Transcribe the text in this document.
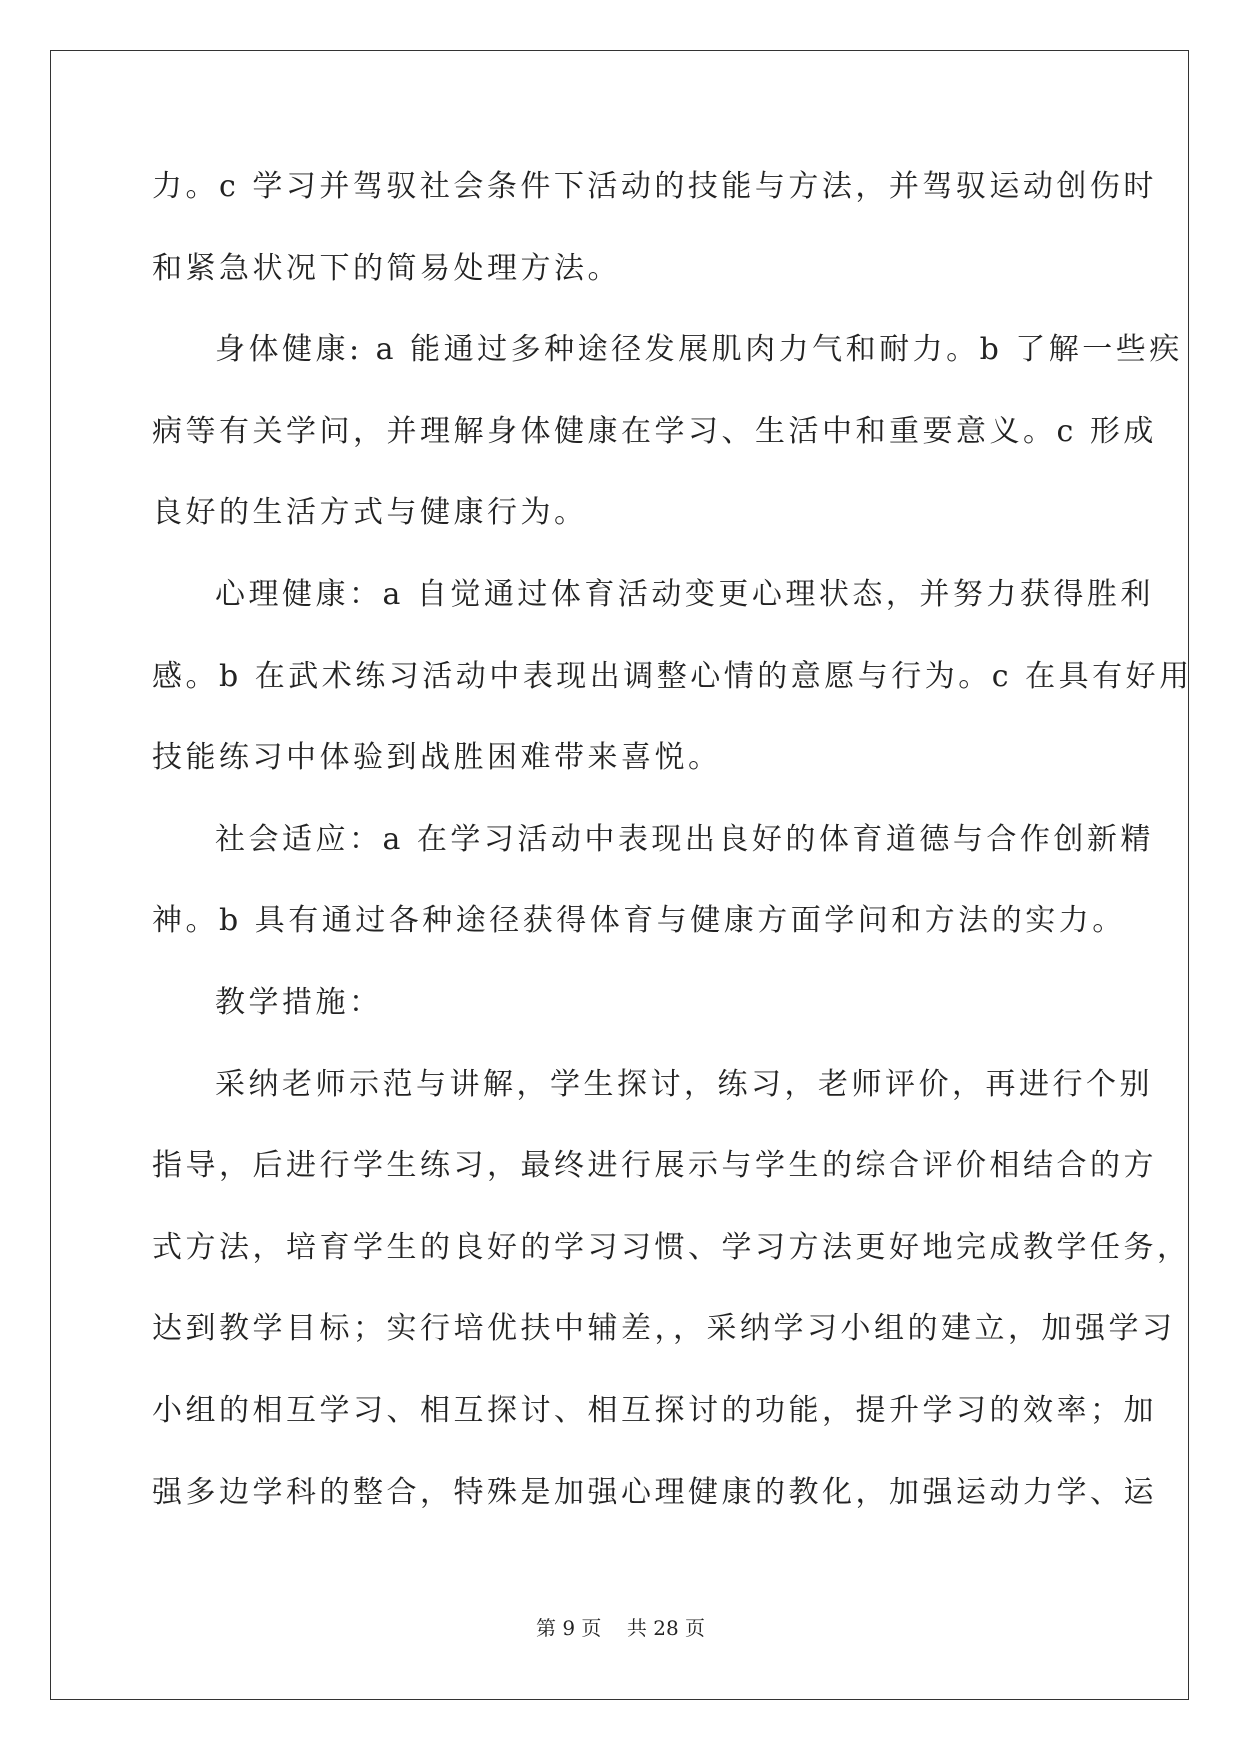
力。c 学习并驾驭社会条件下活动的技能与方法，并驾驭运动创伤时
和紧急状况下的简易处理方法。
身体健康: a 能通过多种途径发展肌肉力气和耐力。b 了解一些疾
病等有关学问，并理解身体健康在学习、生活中和重要意义。c 形成
良好的生活方式与健康行为。
心理健康：a 自觉通过体育活动变更心理状态，并努力获得胜利
感。b 在武术练习活动中表现出调整心情的意愿与行为。c 在具有好用
技能练习中体验到战胜困难带来喜悦。
社会适应：a 在学习活动中表现出良好的体育道德与合作创新精
神。b 具有通过各种途径获得体育与健康方面学问和方法的实力。
教学措施：
采纳老师示范与讲解，学生探讨，练习，老师评价，再进行个别
指导，后进行学生练习，最终进行展示与学生的综合评价相结合的方
式方法，培育学生的良好的学习习惯、学习方法更好地完成教学任务，
达到教学目标；实行培优扶中辅差，，采纳学习小组的建立，加强学习
小组的相互学习、相互探讨、相互探讨的功能，提升学习的效率；加
强多边学科的整合，特殊是加强心理健康的教化，加强运动力学、运
第 9 页 共 28 页
